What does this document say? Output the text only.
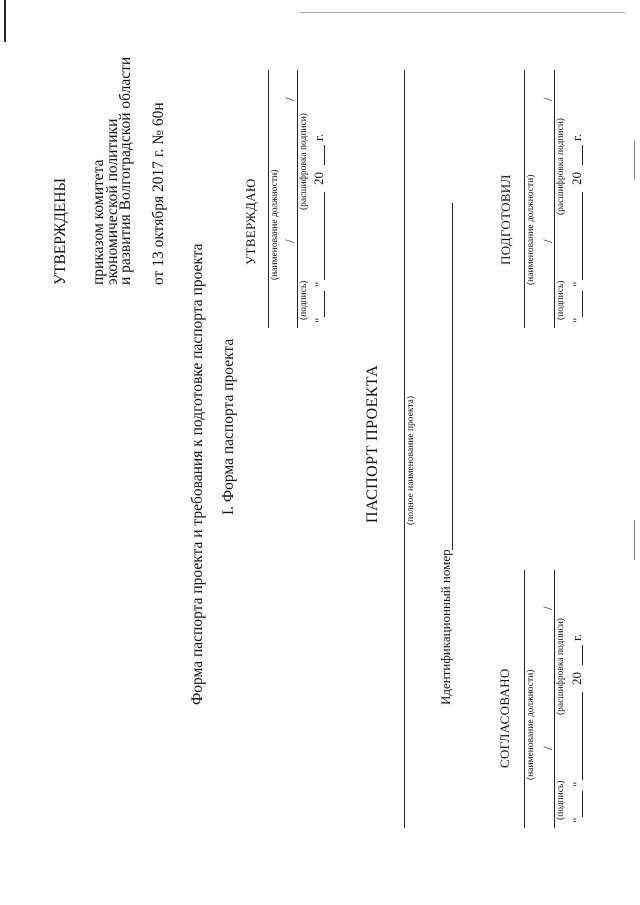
УТВЕРЖДЕНЫ приказом комитета
экономической политики
и развития Волгоградской области от 13 октября 2017 г. № 60н
Форма паспорта проекта и требования к подготовке паспорта проекта I. Форма паспорта проекта
УТВЕРЖДАЮ (наименование должности) /
/
(подпись)
(расшифровка подписи)
"
"
20
г.
ПАСПОРТ ПРОЕКТА	(полное наименование проекта)
Идентификационный номер
СОГЛАСОВАНО (наименование должности) /
/
(подпись)
(расшифровка подписи)
"
"
20
г.
ПОДГОТОВИЛ (наименование должности) /
/
(подпись)
(расшифровка подписи)
"
"
20
г.
